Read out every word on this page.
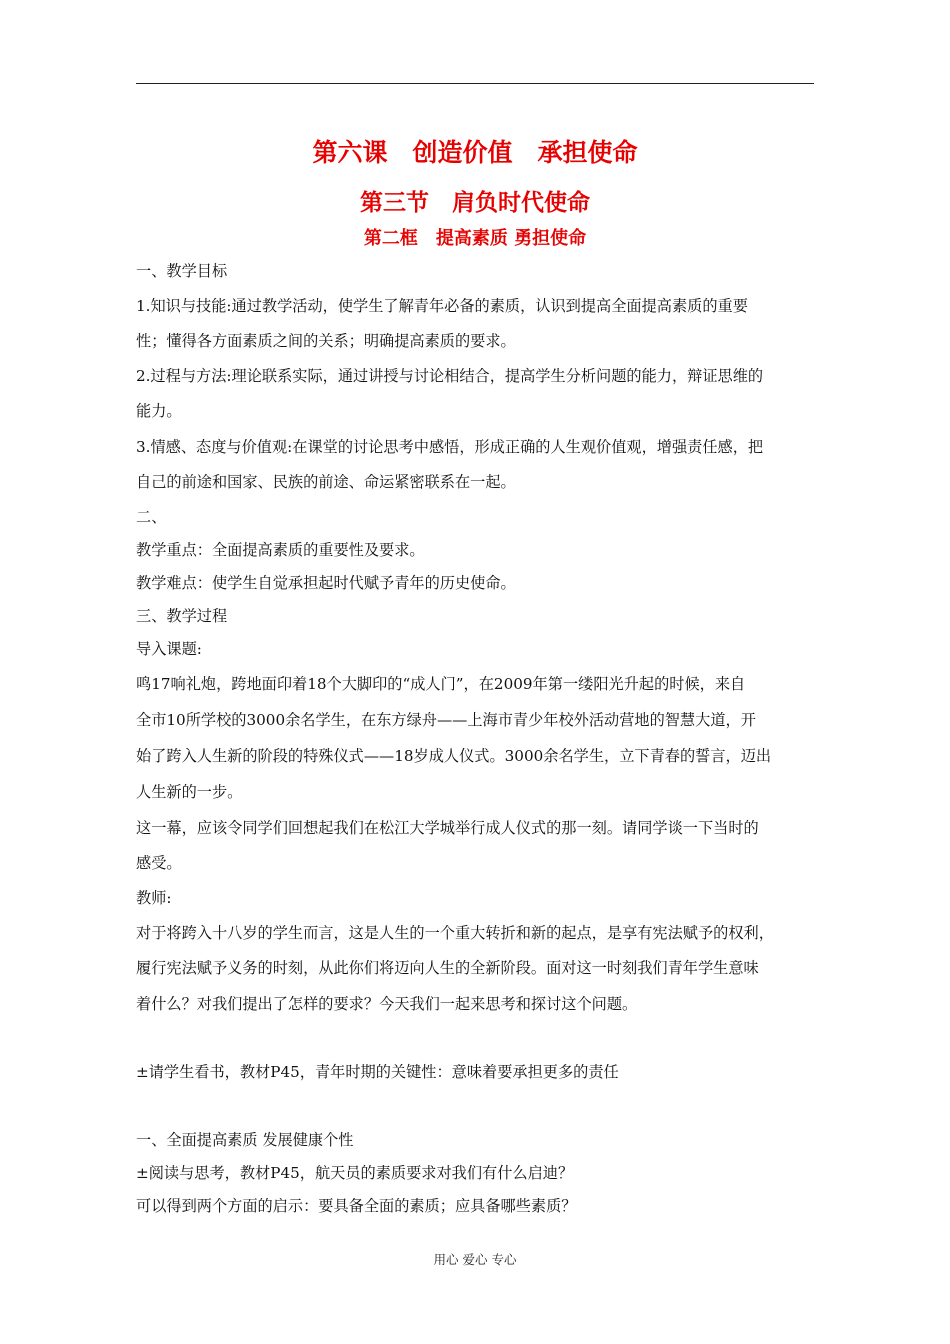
第六课　创造价值　承担使命
第三节　肩负时代使命
第二框　提高素质 勇担使命
一、教学目标
1.知识与技能:通过教学活动，使学生了解青年必备的素质，认识到提高全面提高素质的重要
性；懂得各方面素质之间的关系；明确提高素质的要求。
2.过程与方法:理论联系实际，通过讲授与讨论相结合，提高学生分析问题的能力，辩证思维的
能力。
3.情感、态度与价值观:在课堂的讨论思考中感悟，形成正确的人生观价值观，增强责任感，把
自己的前途和国家、民族的前途、命运紧密联系在一起。
二、
教学重点：全面提高素质的重要性及要求。
教学难点：使学生自觉承担起时代赋予青年的历史使命。
三、教学过程
导入课题:
鸣17响礼炮，跨地面印着18个大脚印的“成人门”，在2009年第一缕阳光升起的时候，来自
全市10所学校的3000余名学生，在东方绿舟——上海市青少年校外活动营地的智慧大道，开
始了跨入人生新的阶段的特殊仪式——18岁成人仪式。3000余名学生，立下青春的誓言，迈出
人生新的一步。
这一幕，应该令同学们回想起我们在松江大学城举行成人仪式的那一刻。请同学谈一下当时的
感受。
教师:
对于将跨入十八岁的学生而言，这是人生的一个重大转折和新的起点，是享有宪法赋予的权利，
履行宪法赋予义务的时刻，从此你们将迈向人生的全新阶段。面对这一时刻我们青年学生意味
着什么？对我们提出了怎样的要求？今天我们一起来思考和探讨这个问题。
±请学生看书，教材P45，青年时期的关键性：意味着要承担更多的责任
一、全面提高素质 发展健康个性
±阅读与思考，教材P45，航天员的素质要求对我们有什么启迪？
可以得到两个方面的启示：要具备全面的素质；应具备哪些素质？
用心 爱心 专心
